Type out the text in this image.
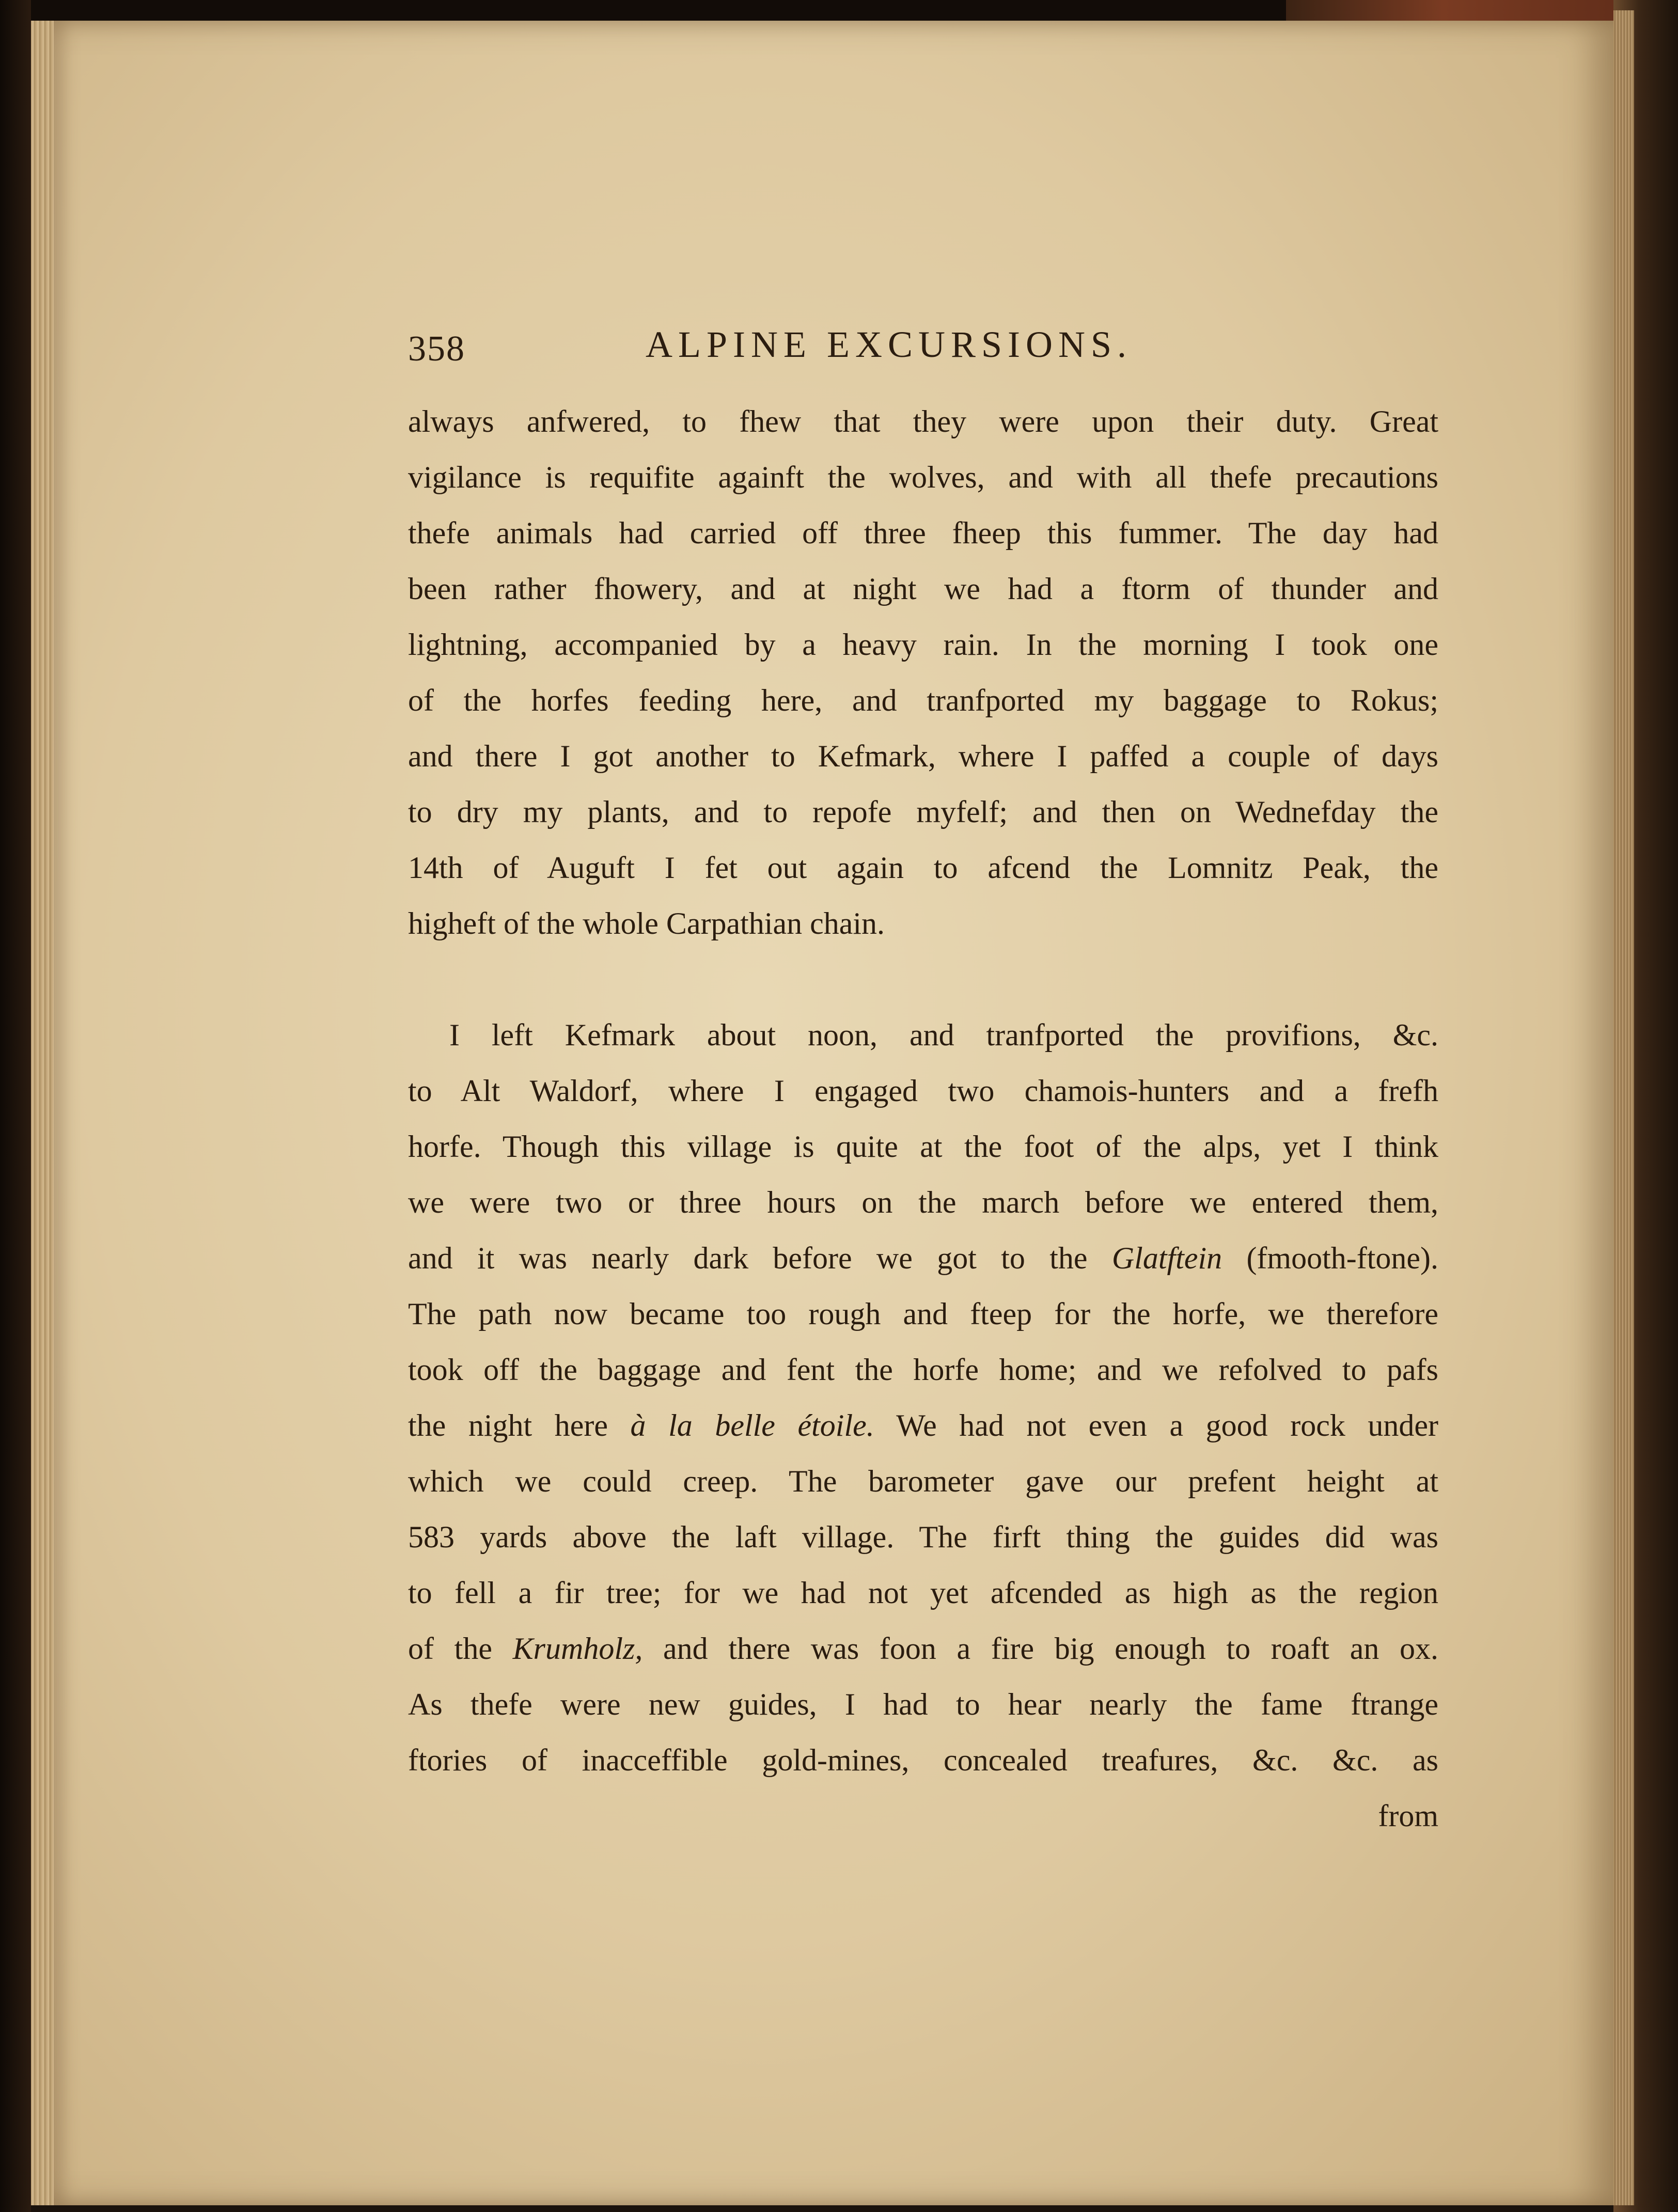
358	ALPINE EXCURSIONS.
always anfwered, to fhew that they were upon their duty. Great
vigilance is requifite againft the wolves, and with all thefe precautions
thefe animals had carried off three fheep this fummer. The day had
been rather fhowery, and at night we had a ftorm of thunder and
lightning, accompanied by a heavy rain. In the morning I took one
of the horfes feeding here, and tranfported my baggage to Rokus;
and there I got another to Kefmark, where I paffed a couple of days
to dry my plants, and to repofe myfelf; and then on Wednefday the
14th of Auguft I fet out again to afcend the Lomnitz Peak, the
higheft of the whole Carpathian chain.
I left Kefmark about noon, and tranfported the provifions, &c.
to Alt Waldorf, where I engaged two chamois-hunters and a frefh
horfe. Though this village is quite at the foot of the alps, yet I think
we were two or three hours on the march before we entered them,
and it was nearly dark before we got to the Glatftein (fmooth-ftone).
The path now became too rough and fteep for the horfe, we therefore
took off the baggage and fent the horfe home; and we refolved to pafs
the night here à la belle étoile. We had not even a good rock under
which we could creep. The barometer gave our prefent height at
583 yards above the laft village. The firft thing the guides did was
to fell a fir tree; for we had not yet afcended as high as the region
of the Krumholz, and there was foon a fire big enough to roaft an ox.
As thefe were new guides, I had to hear nearly the fame ftrange
ftories of inacceffible gold-mines, concealed treafures, &c. &c. as
from
